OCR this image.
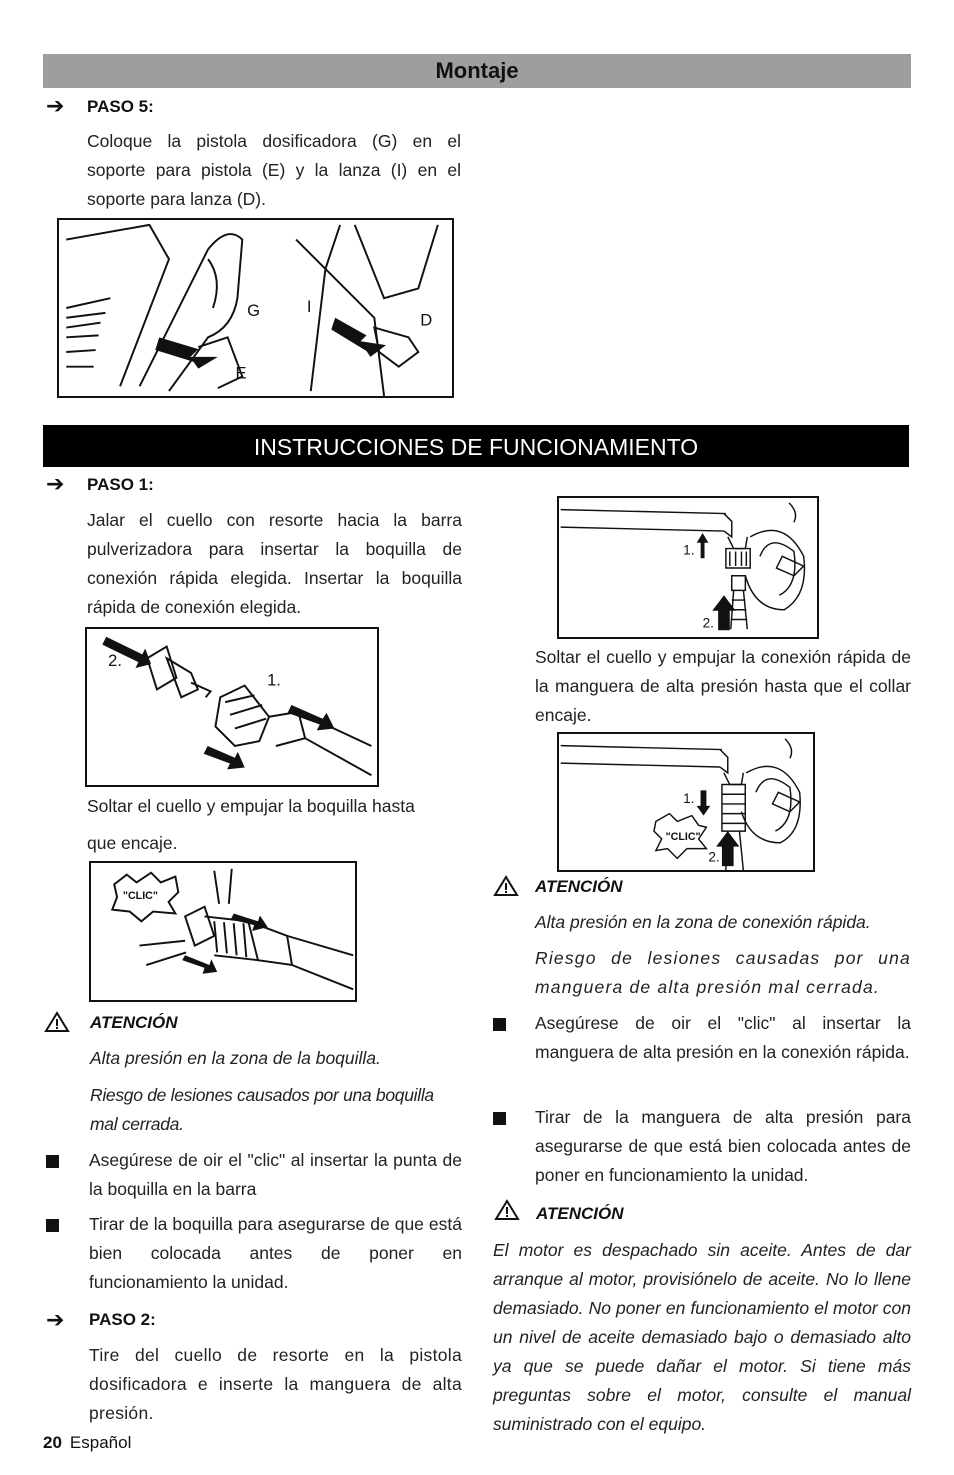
Montaje
➔ PASO 5:
Coloque la pistola dosificadora (G) en el soporte para pistola (E) y la lanza (I) en el soporte para lanza (D).
G
E
I
D
INSTRUCCIONES DE FUNCIONAMIENTO
➔ PASO 1:
Jalar el cuello con resorte hacia la barra pulverizadora para insertar la boquilla de conexión rápida elegida. Insertar la boquilla rápida de conexión elegida.
2.
1.
Soltar el cuello y empujar la boquilla hasta
que encaje.
"CLIC"
ATENCIÓN
Alta presión en la zona de la boquilla.
Riesgo de lesiones causados por una boquilla mal cerrada.
Asegúrese de oir el "clic" al insertar la punta de la boquilla en la barra
Tirar de la boquilla para asegurarse de que está bien colocada antes de poner en funcionamiento la unidad.
➔ PASO 2:
Tire del cuello de resorte en la pistola dosificadora e inserte la manguera de alta presión.
20 Español
1.
2.
Soltar el cuello y empujar la conexión rápida de la manguera de alta presión hasta que el collar encaje.
1.
2.
"CLIC"
ATENCIÓN
Alta presión en la zona de conexión rápida.
Riesgo de lesiones causadas por una manguera de alta presión mal cerrada.
Asegúrese de oir el "clic" al insertar la manguera de alta presión en la conexión rápida.
Tirar de la manguera de alta presión para asegurarse de que está bien colocada antes de poner en funcionamiento la unidad.
ATENCIÓN
El motor es despachado sin aceite. Antes de dar arranque al motor, provisiónelo de aceite. No lo llene demasiado. No poner en funcionamiento el motor con un nivel de aceite demasiado bajo o demasiado alto ya que se puede dañar el motor. Si tiene más preguntas sobre el motor, consulte el manual suministrado con el equipo.
